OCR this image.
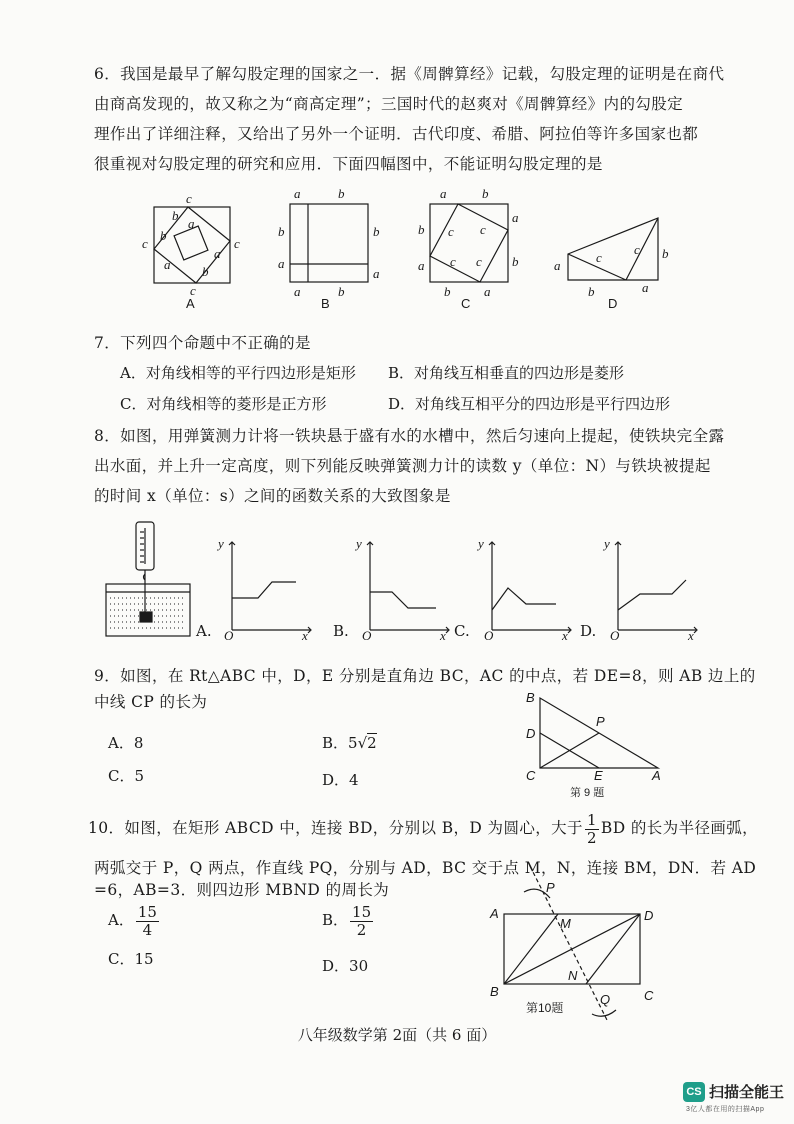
6．我国是最早了解勾股定理的国家之一．据《周髀算经》记载，勾股定理的证明是在商代
由商高发现的，故又称之为“商高定理”；三国时代的赵爽对《周髀算经》内的勾股定
理作出了详细注释，又给出了另外一个证明．古代印度、希腊、阿拉伯等许多国家也都
很重视对勾股定理的研究和应用．下面四幅图中，不能证明勾股定理的是
c
b
a
c	c
b
a b
a
c
A
a	b
b	b
a
a
a	b
B
a	b
b
a
c c
a c c b
b	a
C
a
c
c b
b	a
D
7．下列四个命题中不正确的是
A．对角线相等的平行四边形是矩形 B．对角线互相垂直的四边形是菱形
C．对角线相等的菱形是正方形	D．对角线互相平分的四边形是平行四边形
8．如图，用弹簧测力计将一铁块悬于盛有水的水槽中，然后匀速向上提起，使铁块完全露
出水面，并上升一定高度，则下列能反映弹簧测力计的读数 y（单位：N）与铁块被提起
的时间 x（单位：s）之间的函数关系的大致图象是
A.
y
O	x B.
y
O	x C.
y
O	x D.
y
O	x
9．如图，在 Rt△ABC 中，D，E 分别是直角边 BC，AC 的中点，若 DE=8，则 AB 边上的
中线 CP 的长为
A．8	B．5√2
C．5	D．4
B
D
P
C	E	A
第 9 题
10．如图，在矩形 ABCD 中，连接 BD，分别以 B，D 为圆心，大于 $\frac{1}{2}$ BD 的长为半径画弧，
两弧交于 P，Q 两点，作直线 PQ，分别与 AD，BC 交于点 M，N，连接 BM，DN．若 AD
=6，AB=3．则四边形 MBND 的周长为
A． $\frac{15}{4}$	B． $\frac{15}{2}$
C．15	D．30
P
A
M
D
N
B	C
Q
第10题
八年级数学第 2面（共 6 面）
CS 扫描全能王
3亿人都在用的扫描App
